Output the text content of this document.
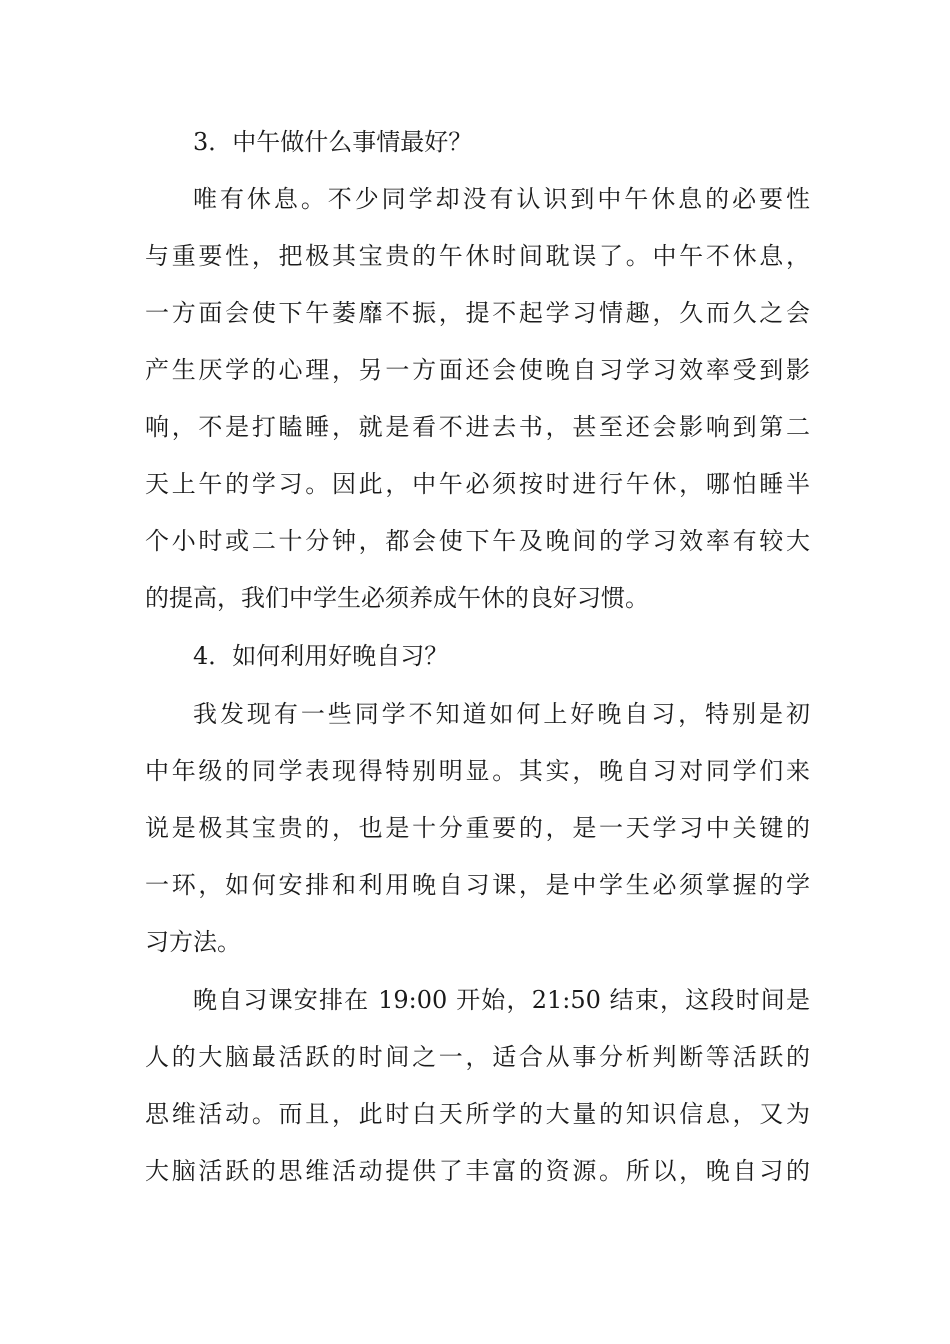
3．中午做什么事情最好？
唯有休息。不少同学却没有认识到中午休息的必要性
与重要性，把极其宝贵的午休时间耽误了。中午不休息，
一方面会使下午萎靡不振，提不起学习情趣，久而久之会
产生厌学的心理，另一方面还会使晚自习学习效率受到影
响，不是打瞌睡，就是看不进去书，甚至还会影响到第二
天上午的学习。因此，中午必须按时进行午休，哪怕睡半
个小时或二十分钟，都会使下午及晚间的学习效率有较大
的提高，我们中学生必须养成午休的良好习惯。
4．如何利用好晚自习？
我发现有一些同学不知道如何上好晚自习，特别是初
中年级的同学表现得特别明显。其实，晚自习对同学们来
说是极其宝贵的，也是十分重要的，是一天学习中关键的
一环，如何安排和利用晚自习课，是中学生必须掌握的学
习方法。
晚自习课安排在 19:00 开始，21:50 结束，这段时间是
人的大脑最活跃的时间之一，适合从事分析判断等活跃的
思维活动。而且，此时白天所学的大量的知识信息，又为
大脑活跃的思维活动提供了丰富的资源。所以，晚自习的
